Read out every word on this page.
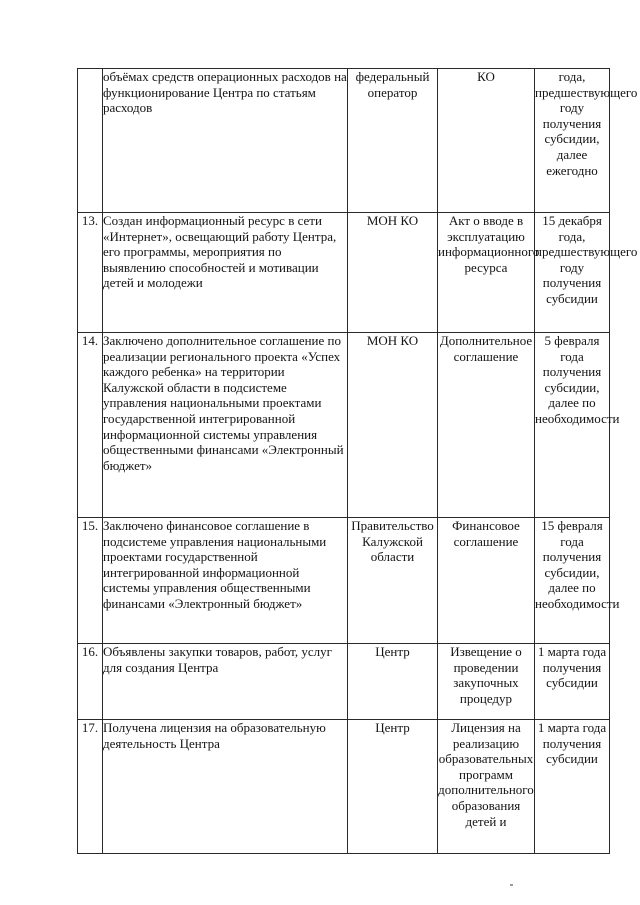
	объёмах средств операционных расходов на функционирование Центра по статьям расходов	федеральный оператор	КО	года, предшествующего году получения субсидии, далее ежегодно
13.	Создан информационный ресурс в сети «Интернет», освещающий работу Центра, его программы, мероприятия по выявлению способностей и мотивации детей и молодежи	МОН КО	Акт о вводе в эксплуатацию информационного ресурса	15 декабря года, предшествующего году получения субсидии
14.	Заключено дополнительное соглашение по реализации регионального проекта «Успех каждого ребенка» на территории Калужской области в подсистеме управления национальными проектами государственной интегрированной информационной системы управления общественными финансами «Электронный бюджет»	МОН КО	Дополнительное соглашение	5 февраля года получения субсидии, далее по необходимости
15.	Заключено финансовое соглашение в подсистеме управления национальными проектами государственной интегрированной информационной системы управления общественными финансами «Электронный бюджет»	Правительство Калужской области	Финансовое соглашение	15 февраля года получения субсидии, далее по необходимости
16.	Объявлены закупки товаров, работ, услуг для создания Центра	Центр	Извещение о проведении закупочных процедур	1 марта года получения субсидии
17.	Получена лицензия на образовательную деятельность Центра	Центр	Лицензия на реализацию образовательных программ дополнительного образования детей и	1 марта года получения субсидии
